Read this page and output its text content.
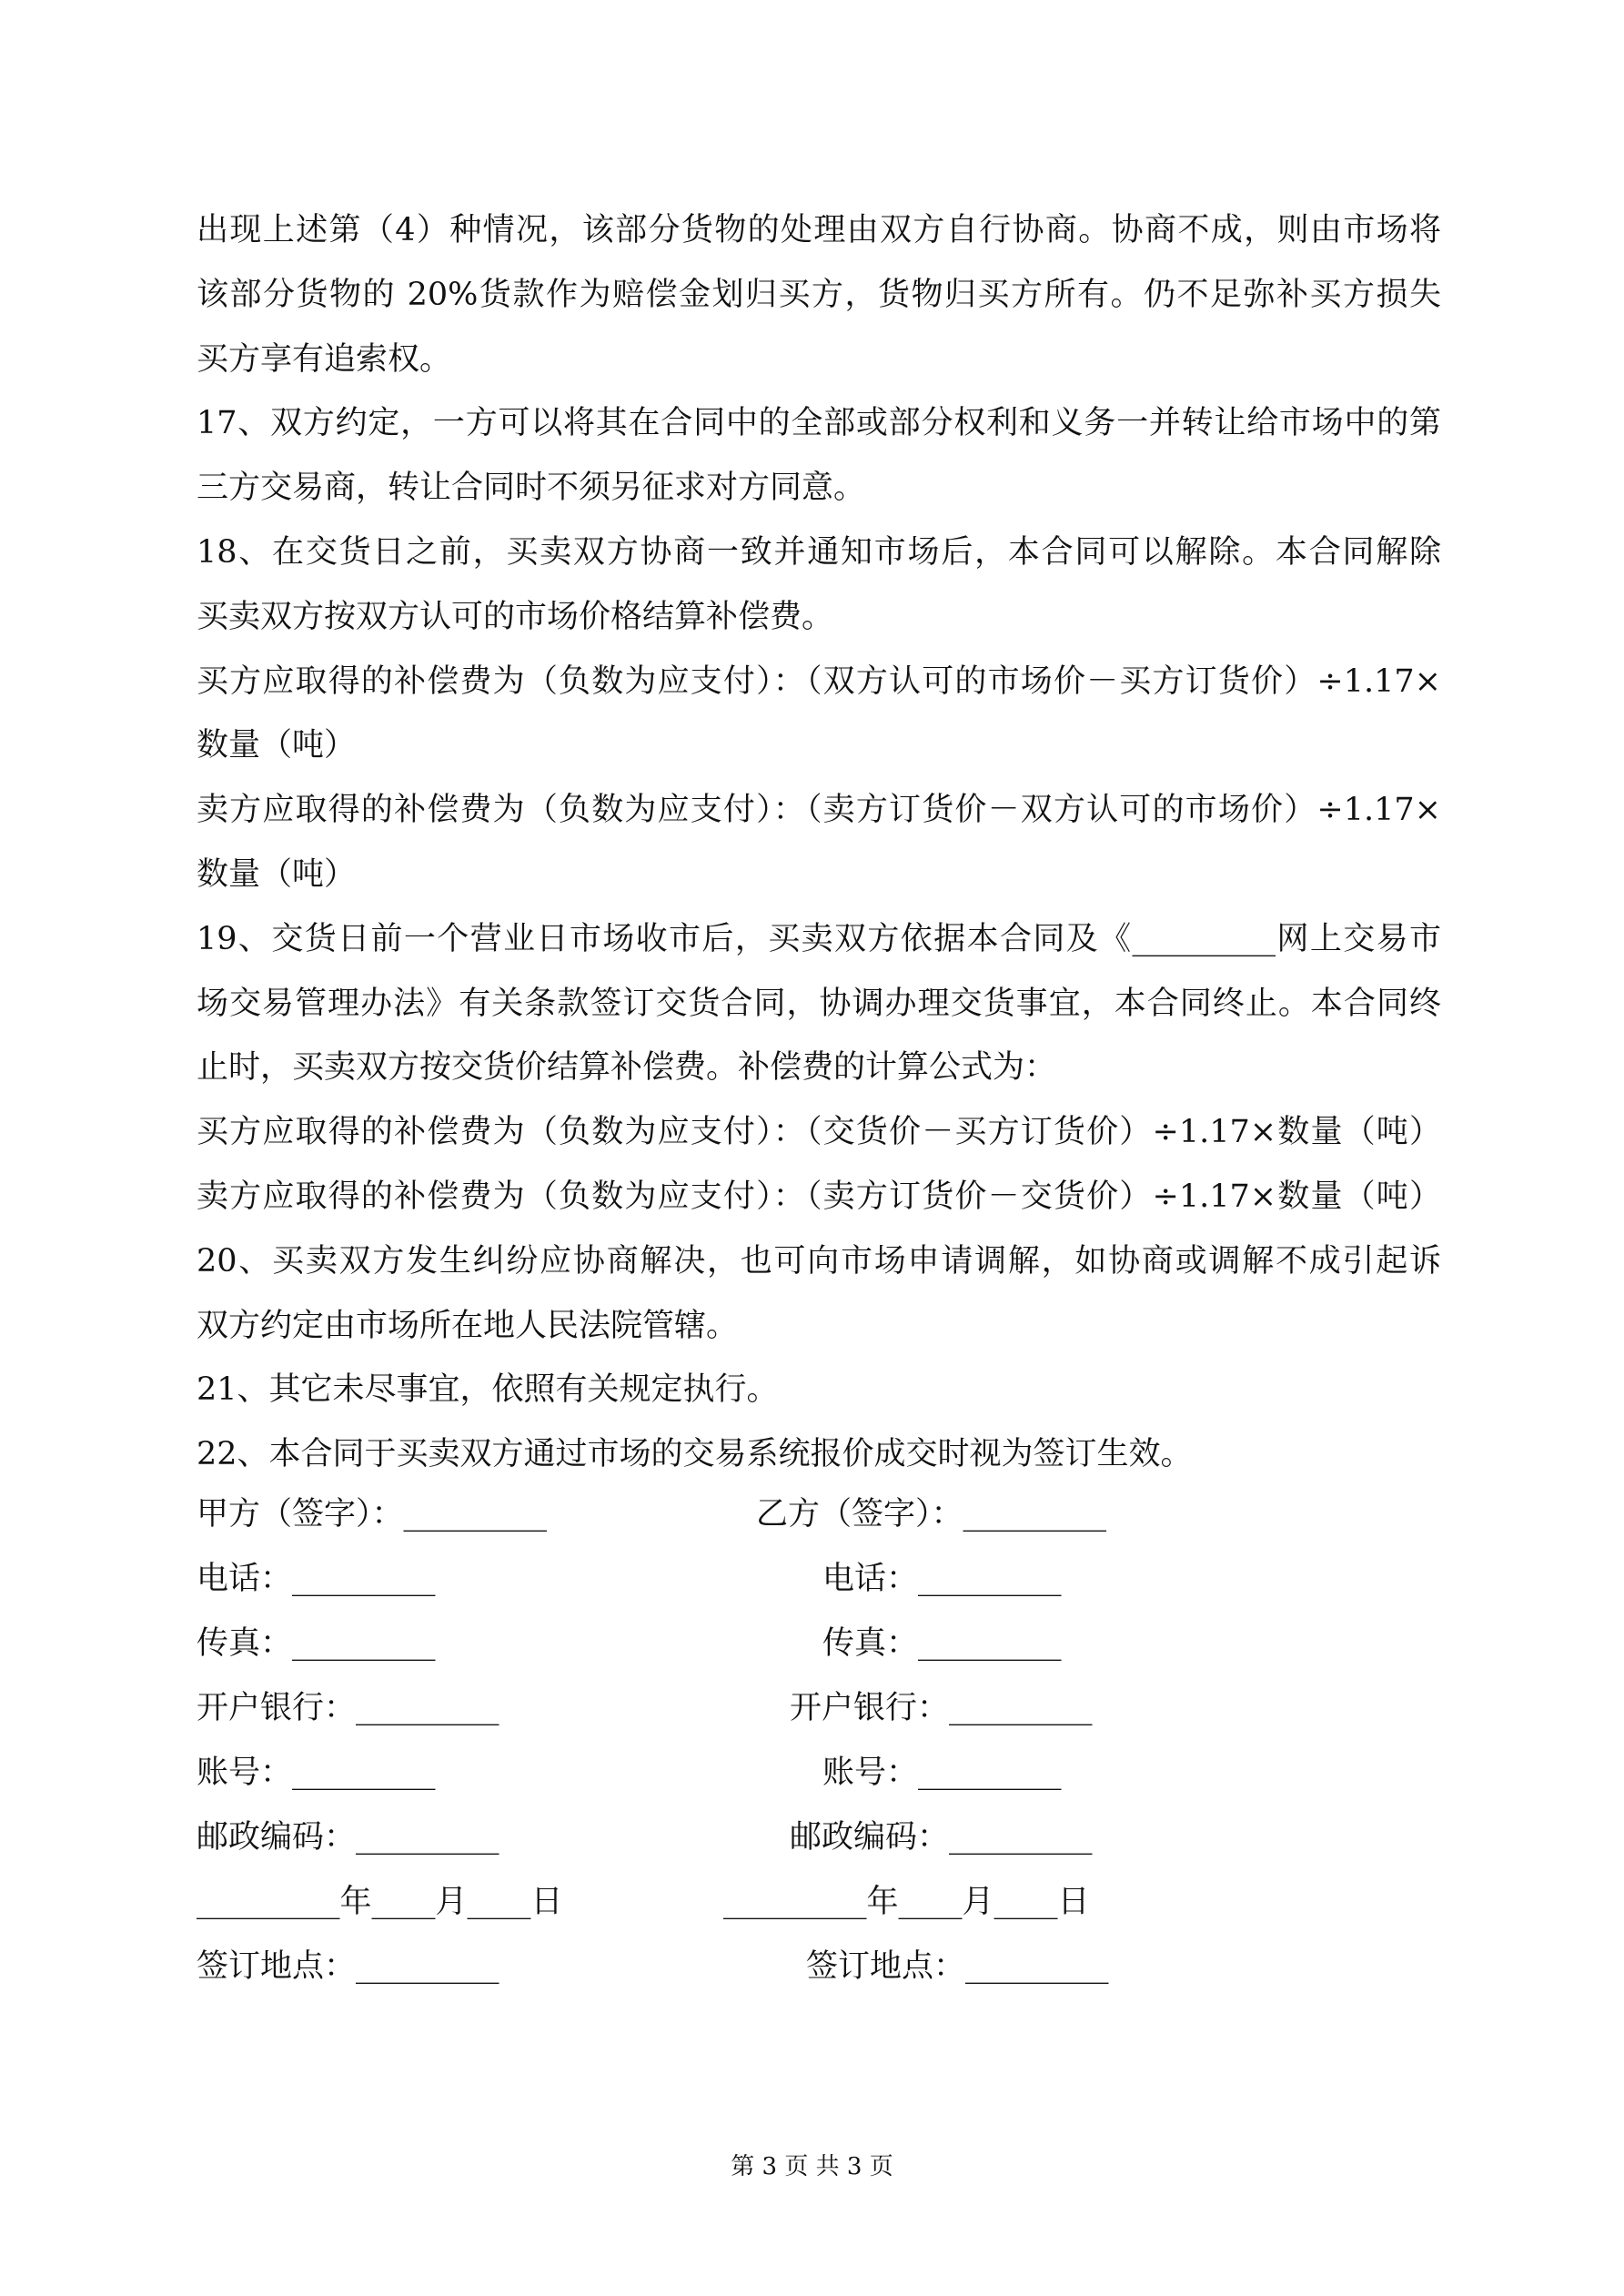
出现上述第（4）种情况，该部分货物的处理由双方自行协商。协商不成，则由市场将
该部分货物的 20%货款作为赔偿金划归买方，货物归买方所有。仍不足弥补买方损失
买方享有追索权。
17、双方约定，一方可以将其在合同中的全部或部分权利和义务一并转让给市场中的第
三方交易商，转让合同时不须另征求对方同意。
18、在交货日之前，买卖双方协商一致并通知市场后，本合同可以解除。本合同解除
买卖双方按双方认可的市场价格结算补偿费。
买方应取得的补偿费为（负数为应支付）：（双方认可的市场价－买方订货价）÷1.17×
数量（吨）
卖方应取得的补偿费为（负数为应支付）：（卖方订货价－双方认可的市场价）÷1.17×
数量（吨）
19、交货日前一个营业日市场收市后，买卖双方依据本合同及《_________网上交易市
场交易管理办法》有关条款签订交货合同，协调办理交货事宜，本合同终止。本合同终
止时，买卖双方按交货价结算补偿费。补偿费的计算公式为：
买方应取得的补偿费为（负数为应支付）：（交货价－买方订货价）÷1.17×数量（吨）
卖方应取得的补偿费为（负数为应支付）：（卖方订货价－交货价）÷1.17×数量（吨）
20、买卖双方发生纠纷应协商解决，也可向市场申请调解，如协商或调解不成引起诉
双方约定由市场所在地人民法院管辖。
21、其它未尽事宜，依照有关规定执行。
22、本合同于买卖双方通过市场的交易系统报价成交时视为签订生效。
甲方（签字）：_________
电话：_________
传真：_________
开户银行：_________
账号：_________
邮政编码：_________
_________年____月____日
签订地点：_________
乙方（签字）：_________
电话：_________
传真：_________
开户银行：_________
账号：_________
邮政编码：_________
_________年____月____日
签订地点：_________
第 3 页 共 3 页
